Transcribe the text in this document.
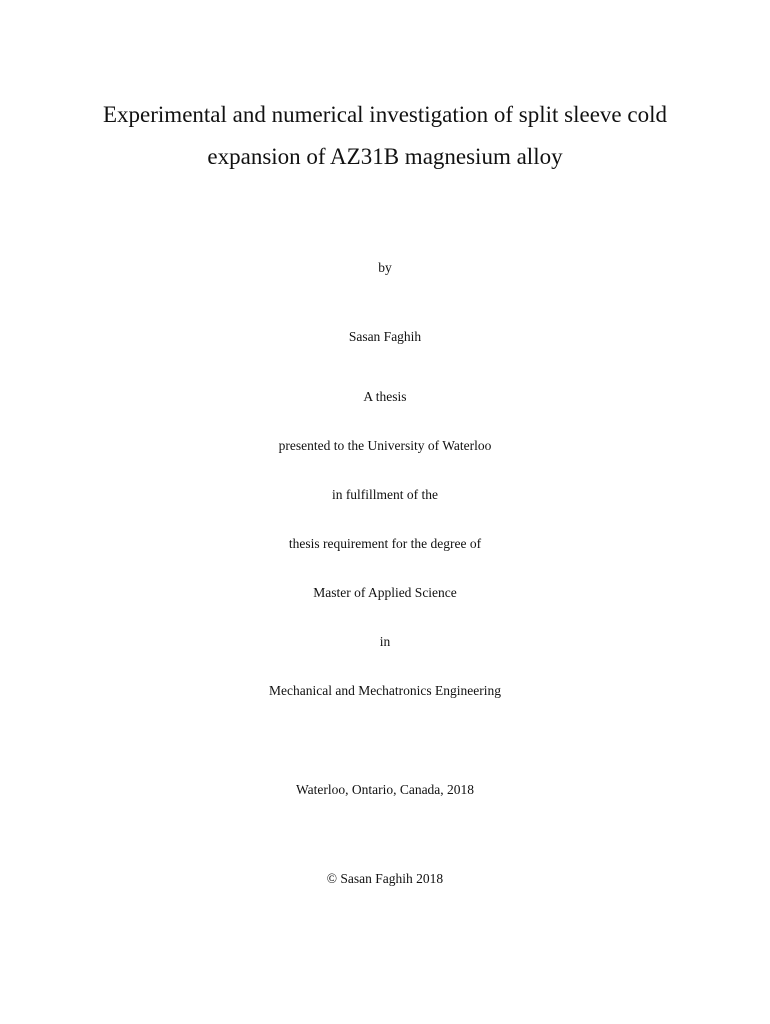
Experimental and numerical investigation of split sleeve cold
expansion of AZ31B magnesium alloy
by
Sasan Faghih
A thesis
presented to the University of Waterloo
in fulfillment of the
thesis requirement for the degree of
Master of Applied Science
in
Mechanical and Mechatronics Engineering
Waterloo, Ontario, Canada, 2018
© Sasan Faghih 2018
